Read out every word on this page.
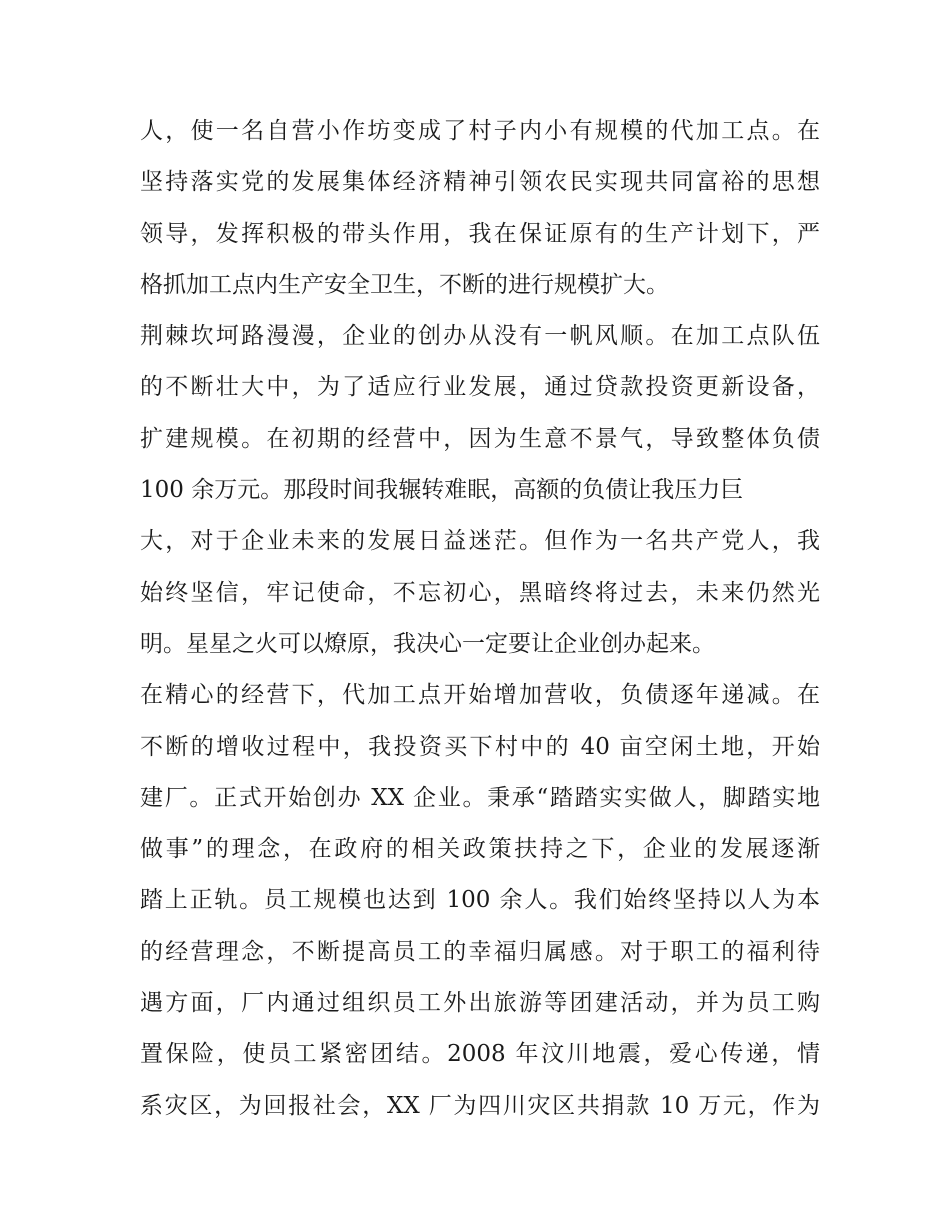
人，使一名自营小作坊变成了村子内小有规模的代加工点。在
坚持落实党的发展集体经济精神引领农民实现共同富裕的思想
领导，发挥积极的带头作用，我在保证原有的生产计划下，严
格抓加工点内生产安全卫生，不断的进行规模扩大。
荆棘坎坷路漫漫，企业的创办从没有一帆风顺。在加工点队伍
的不断壮大中，为了适应行业发展，通过贷款投资更新设备，
扩建规模。在初期的经营中，因为生意不景气，导致整体负债
100 余万元。那段时间我辗转难眠，高额的负债让我压力巨
大，对于企业未来的发展日益迷茫。但作为一名共产党人，我
始终坚信，牢记使命，不忘初心，黑暗终将过去，未来仍然光
明。星星之火可以燎原，我决心一定要让企业创办起来。
在精心的经营下，代加工点开始增加营收，负债逐年递减。在
不断的增收过程中，我投资买下村中的 40 亩空闲土地，开始
建厂。正式开始创办 XX 企业。秉承“踏踏实实做人，脚踏实地
做事”的理念，在政府的相关政策扶持之下，企业的发展逐渐
踏上正轨。员工规模也达到 100 余人。我们始终坚持以人为本
的经营理念，不断提高员工的幸福归属感。对于职工的福利待
遇方面，厂内通过组织员工外出旅游等团建活动，并为员工购
置保险，使员工紧密团结。2008 年汶川地震，爱心传递，情
系灾区，为回报社会，XX 厂为四川灾区共捐款 10 万元，作为
